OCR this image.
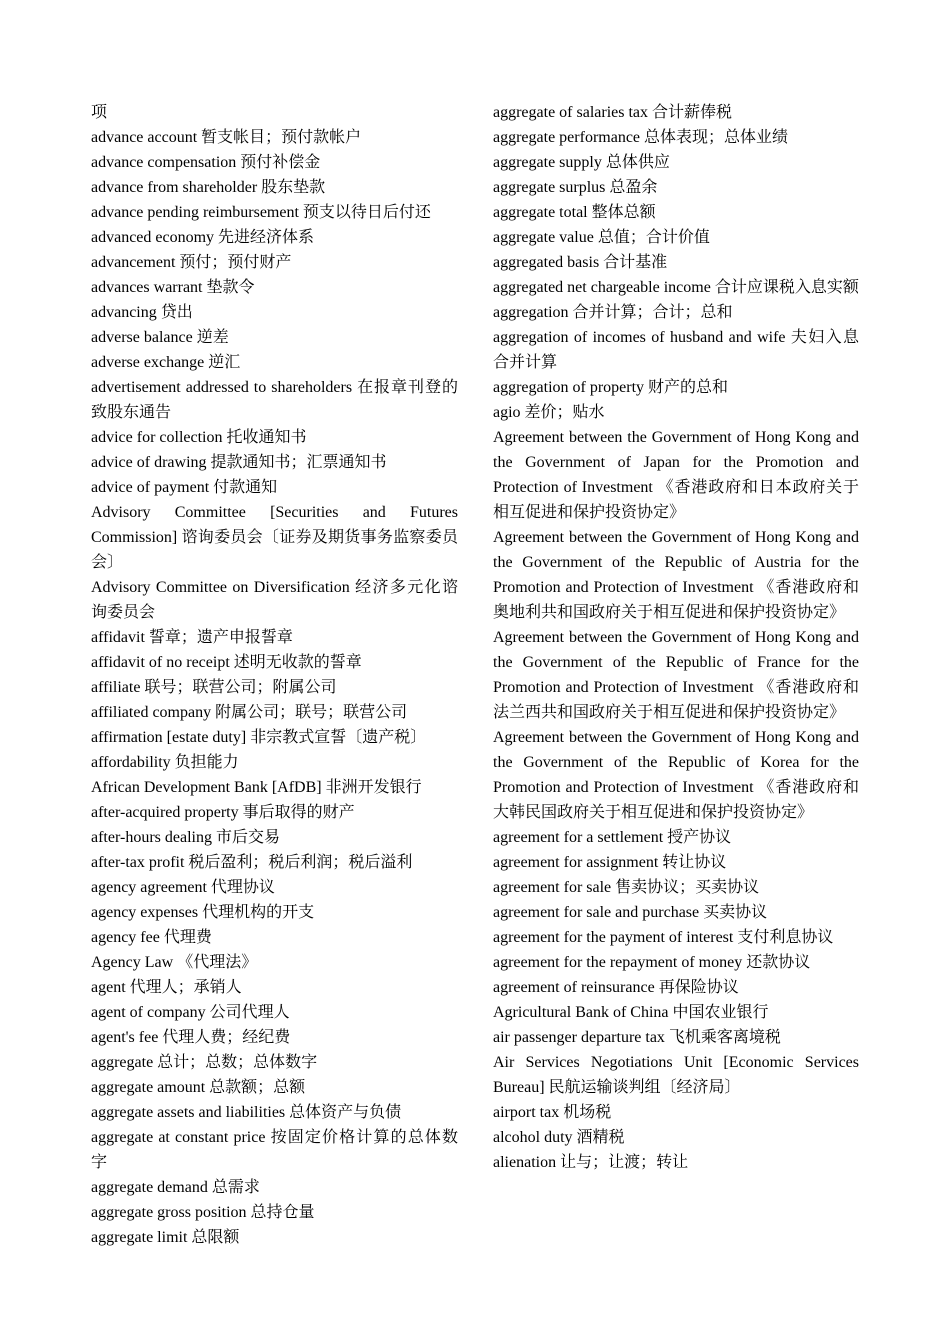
项

advance account 暂支帐目；预付款帐户

advance compensation 预付补偿金

advance from shareholder 股东垫款

advance pending reimbursement 预支以待日后付还

advanced economy 先进经济体系

advancement 预付；预付财产

advances warrant 垫款令

advancing 贷出

adverse balance 逆差

adverse exchange 逆汇

advertisement addressed to shareholders 在报章刊登的致股东通告

advice for collection 托收通知书

advice of drawing 提款通知书；汇票通知书

advice of payment 付款通知

Advisory Committee [Securities and Futures Commission] 谘询委员会〔证券及期货事务监察委员会〕

Advisory Committee on Diversification 经济多元化谘询委员会

affidavit 誓章；遗产申报誓章

affidavit of no receipt 述明无收款的誓章

affiliate 联号；联营公司；附属公司

affiliated company 附属公司；联号；联营公司

affirmation [estate duty] 非宗教式宣誓〔遗产税〕

affordability 负担能力

African Development Bank [AfDB] 非洲开发银行

after-acquired property 事后取得的财产

after-hours dealing 市后交易

after-tax profit 税后盈利；税后利润；税后溢利

agency agreement 代理协议

agency expenses 代理机构的开支

agency fee 代理费

Agency Law 《代理法》

agent 代理人；承销人

agent of company 公司代理人

agent's fee 代理人费；经纪费

aggregate 总计；总数；总体数字

aggregate amount 总款额；总额

aggregate assets and liabilities 总体资产与负债

aggregate at constant price 按固定价格计算的总体数字

aggregate demand 总需求

aggregate gross position 总持仓量

aggregate limit 总限额

aggregate of salaries tax 合计薪俸税

aggregate performance 总体表现；总体业绩

aggregate supply 总体供应

aggregate surplus 总盈余

aggregate total 整体总额

aggregate value 总值；合计价值

aggregated basis 合计基准

aggregated net chargeable income 合计应课税入息实额

aggregation 合并计算；合计；总和

aggregation of incomes of husband and wife 夫妇入息合并计算

aggregation of property 财产的总和

agio 差价；贴水

Agreement between the Government of Hong Kong and the Government of Japan for the Promotion and Protection of Investment 《香港政府和日本政府关于相互促进和保护投资协定》

Agreement between the Government of Hong Kong and the Government of the Republic of Austria for the Promotion and Protection of Investment 《香港政府和奥地利共和国政府关于相互促进和保护投资协定》

Agreement between the Government of Hong Kong and the Government of the Republic of France for the Promotion and Protection of Investment 《香港政府和法兰西共和国政府关于相互促进和保护投资协定》

Agreement between the Government of Hong Kong and the Government of the Republic of Korea for the Promotion and Protection of Investment 《香港政府和大韩民国政府关于相互促进和保护投资协定》

agreement for a settlement 授产协议

agreement for assignment 转让协议

agreement for sale 售卖协议；买卖协议

agreement for sale and purchase 买卖协议

agreement for the payment of interest 支付利息协议

agreement for the repayment of money 还款协议

agreement of reinsurance 再保险协议

Agricultural Bank of China 中国农业银行

air passenger departure tax 飞机乘客离境税

Air Services Negotiations Unit [Economic Services Bureau] 民航运输谈判组〔经济局〕

airport tax 机场税

alcohol duty 酒精税

alienation 让与；让渡；转让
